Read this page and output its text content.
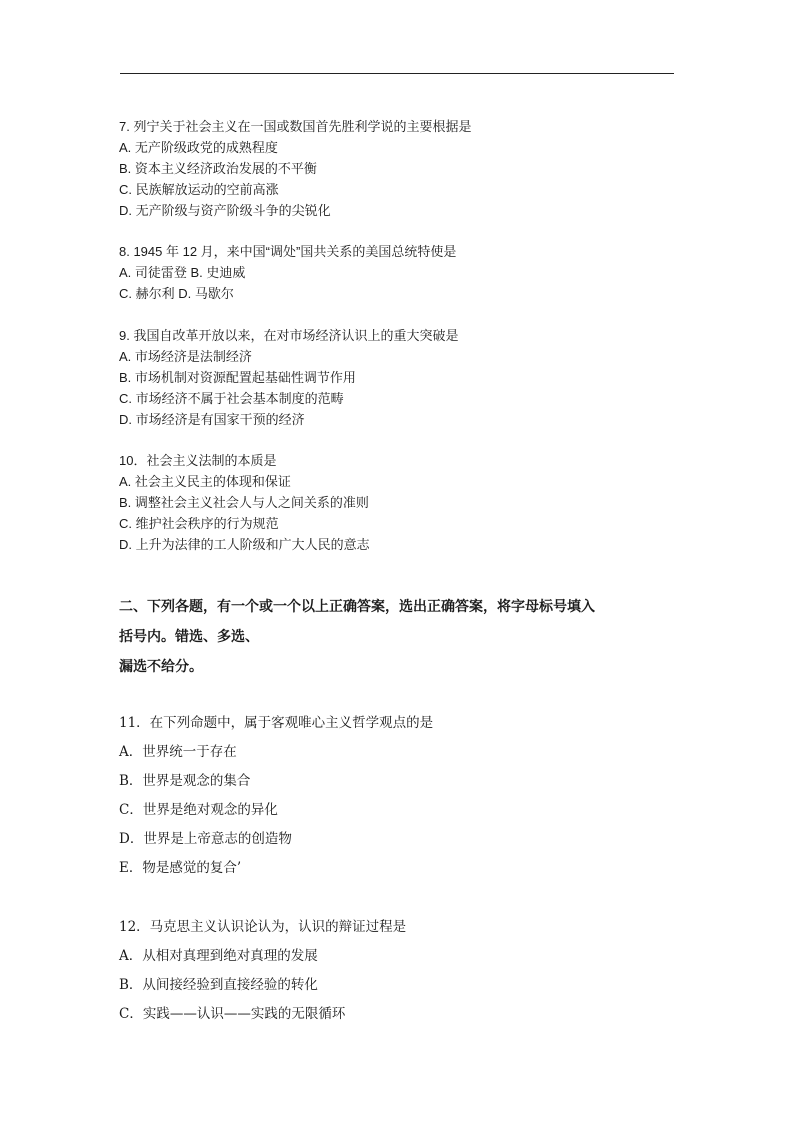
7. 列宁关于社会主义在一国或数国首先胜利学说的主要根据是
A. 无产阶级政党的成熟程度
B. 资本主义经济政治发展的不平衡
C. 民族解放运动的空前高涨
D. 无产阶级与资产阶级斗争的尖锐化
8. 1945 年 12 月，来中国“调处”国共关系的美国总统特使是
A. 司徒雷登 B. 史迪威
C. 赫尔利 D. 马歇尔
9. 我国自改革开放以来，在对市场经济认识上的重大突破是
A. 市场经济是法制经济
B. 市场机制对资源配置起基础性调节作用
C. 市场经济不属于社会基本制度的范畴
D. 市场经济是有国家干预的经济
10．社会主义法制的本质是
A. 社会主义民主的体现和保证
B. 调整社会主义社会人与人之间关系的准则
C. 维护社会秩序的行为规范
D. 上升为法律的工人阶级和广大人民的意志
二、下列各题，有一个或一个以上正确答案，选出正确答案，将字母标号填入
括号内。错选、多选、
漏选不给分。
11．在下列命题中，属于客观唯心主义哲学观点的是
A．世界统一于存在
B．世界是观念的集合
C．世界是绝对观念的异化
D．世界是上帝意志的创造物
E．物是感觉的复合’
12．马克思主义认识论认为，认识的辩证过程是
A．从相对真理到绝对真理的发展
B．从间接经验到直接经验的转化
C．实践——认识——实践的无限循环
